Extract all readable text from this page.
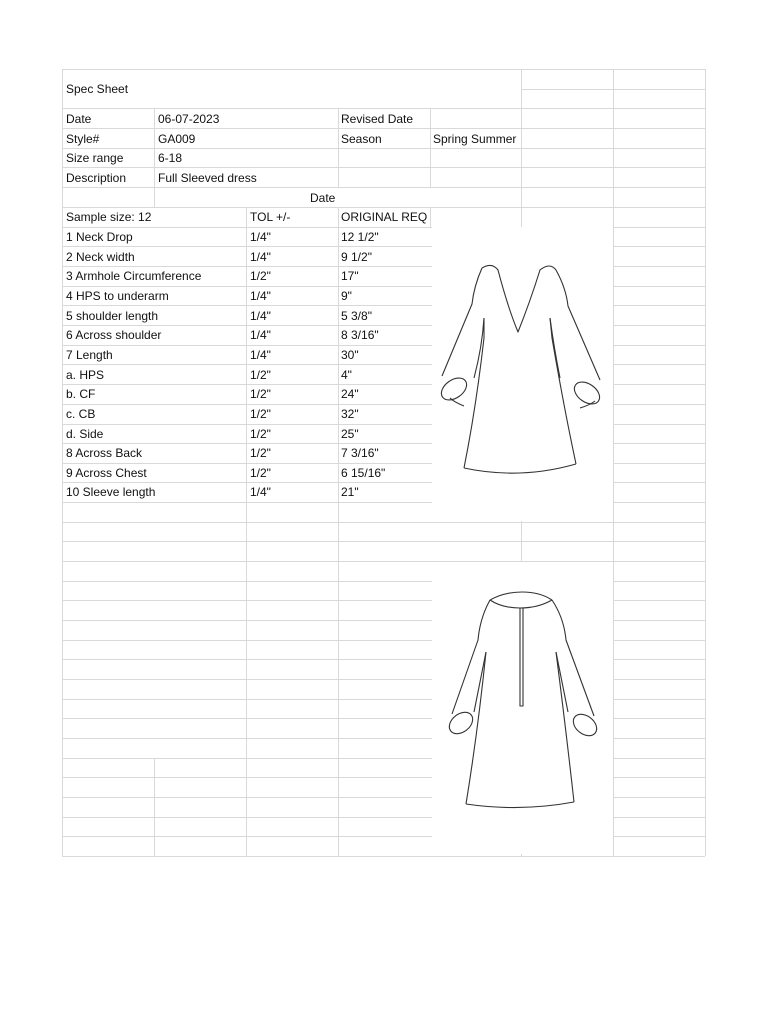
Spec Sheet
Date	06-07-2023	Revised Date
Style#	GA009	Season	Spring Summer
Size range	6-18
Description	Full Sleeved dress
Date
Sample size: 12	TOL +/-	ORIGINAL REQ
1 Neck Drop	1/4"	12 1/2"
2 Neck width	1/4"	9 1/2"
3 Armhole Circumference	1/2"	17"
4 HPS to underarm	1/4"	9"
5 shoulder length	1/4"	5 3/8"
6 Across shoulder	1/4"	8 3/16"
7 Length	1/4"	30"
a. HPS	1/2"	4"
b. CF	1/2"	24"
c. CB	1/2"	32"
d. Side	1/2"	25"
8 Across Back	1/2"	7 3/16"
9 Across Chest	1/2"	6 15/16"
10 Sleeve length	1/4"	21"
